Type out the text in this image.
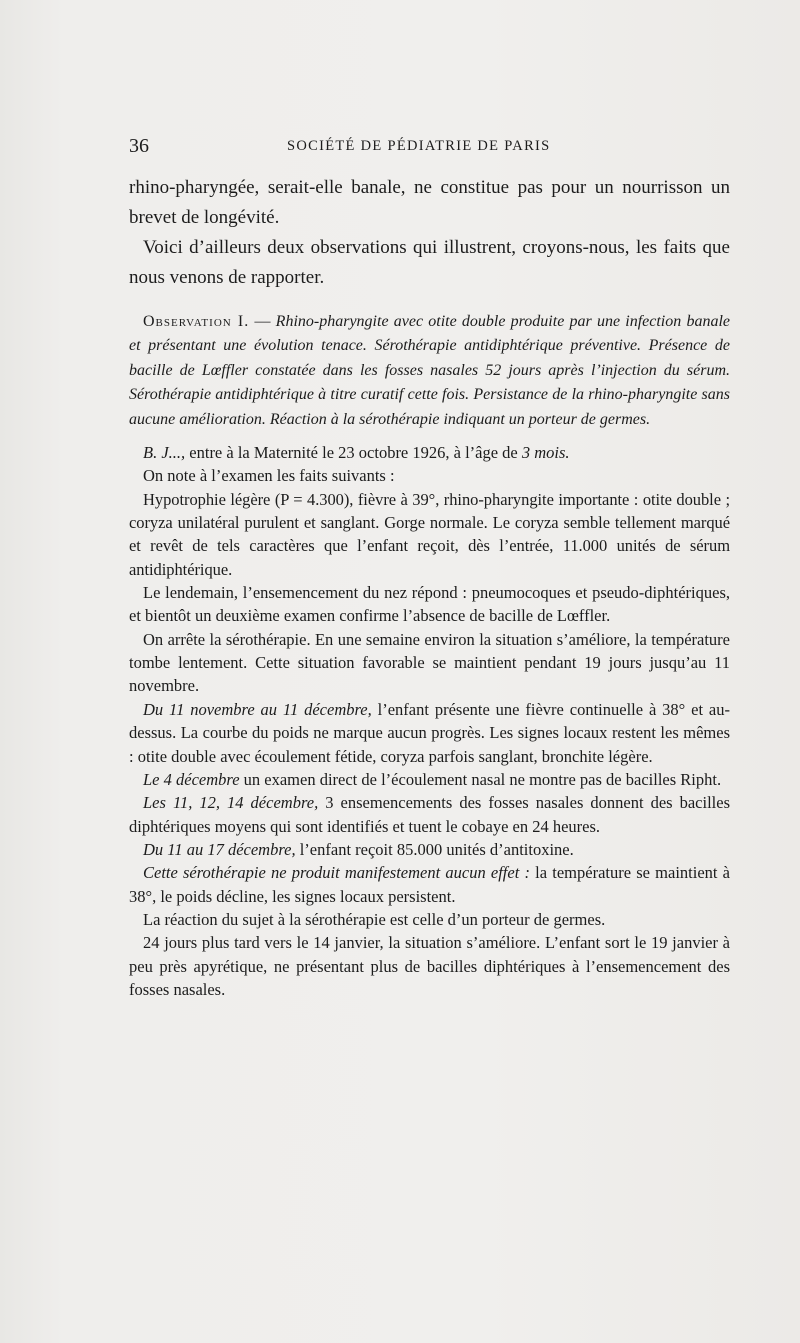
36	SOCIÉTÉ DE PÉDIATRIE DE PARIS

rhino-pharyngée, serait-elle banale, ne constitue pas pour un nourrisson un brevet de longévité.

Voici d’ailleurs deux observations qui illustrent, croyons-nous, les faits que nous venons de rapporter.

Observation I. — Rhino-pharyngite avec otite double produite par une infection banale et présentant une évolution tenace. Sérothérapie antidiphtérique préventive. Présence de bacille de Lœffler constatée dans les fosses nasales 52 jours après l’injection du sérum. Sérothérapie antidiphtérique à titre curatif cette fois. Persistance de la rhino-pharyngite sans aucune amélioration. Réaction à la sérothérapie indiquant un porteur de germes.

B. J..., entre à la Maternité le 23 octobre 1926, à l’âge de 3 mois.

On note à l’examen les faits suivants :

Hypotrophie légère (P = 4.300), fièvre à 39°, rhino-pharyngite importante : otite double ; coryza unilatéral purulent et sanglant. Gorge normale. Le coryza semble tellement marqué et revêt de tels caractères que l’enfant reçoit, dès l’entrée, 11.000 unités de sérum antidiphtérique.

Le lendemain, l’ensemencement du nez répond : pneumocoques et pseudo-diphtériques, et bientôt un deuxième examen confirme l’absence de bacille de Lœffler.

On arrête la sérothérapie. En une semaine environ la situation s’améliore, la température tombe lentement. Cette situation favorable se maintient pendant 19 jours jusqu’au 11 novembre.

Du 11 novembre au 11 décembre, l’enfant présente une fièvre continuelle à 38° et au-dessus. La courbe du poids ne marque aucun progrès. Les signes locaux restent les mêmes : otite double avec écoulement fétide, coryza parfois sanglant, bronchite légère.

Le 4 décembre un examen direct de l’écoulement nasal ne montre pas de bacilles Ripht.

Les 11, 12, 14 décembre, 3 ensemencements des fosses nasales donnent des bacilles diphtériques moyens qui sont identifiés et tuent le cobaye en 24 heures.

Du 11 au 17 décembre, l’enfant reçoit 85.000 unités d’antitoxine.

Cette sérothérapie ne produit manifestement aucun effet : la température se maintient à 38°, le poids décline, les signes locaux persistent.

La réaction du sujet à la sérothérapie est celle d’un porteur de germes.

24 jours plus tard vers le 14 janvier, la situation s’améliore. L’enfant sort le 19 janvier à peu près apyrétique, ne présentant plus de bacilles diphtériques à l’ensemencement des fosses nasales.
